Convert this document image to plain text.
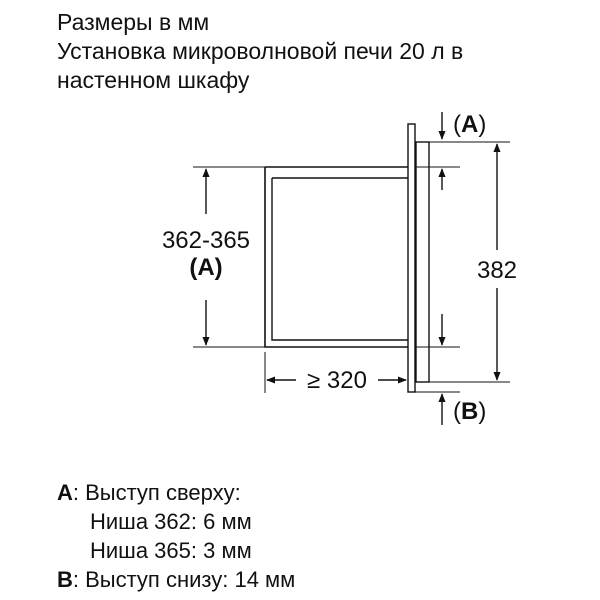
Размеры в мм
Установка микроволновой печи 20 л в
настенном шкафу
362-365
(A)	382
(A)
(B)
≥ 320
A: Выступ сверху:
Ниша 362: 6 мм
Ниша 365: 3 мм
B: Выступ снизу: 14 мм
